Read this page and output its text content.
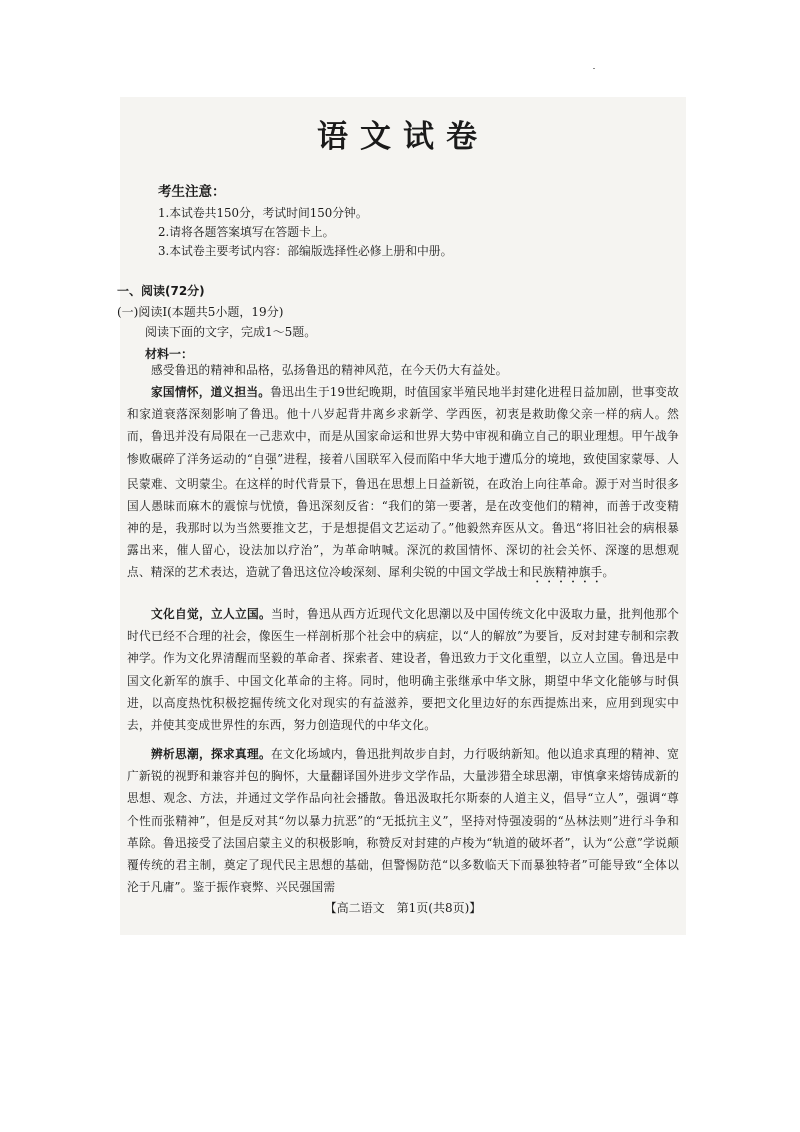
语文试卷
考生注意：
1.本试卷共150分，考试时间150分钟。
2.请将各题答案填写在答题卡上。
3.本试卷主要考试内容：部编版选择性必修上册和中册。
一、阅读(72分)
(一)阅读Ⅰ(本题共5小题，19分)
阅读下面的文字，完成1～5题。
材料一：

感受鲁迅的精神和品格，弘扬鲁迅的精神风范，在今天仍大有益处。

家国情怀，道义担当。鲁迅出生于19世纪晚期，时值国家半殖民地半封建化进程日益加剧，世事变故和家道衰落深刻影响了鲁迅。他十八岁起背井离乡求新学、学西医，初衷是救助像父亲一样的病人。然而，鲁迅并没有局限在一己悲欢中，而是从国家命运和世界大势中审视和确立自己的职业理想。甲午战争惨败碾碎了洋务运动的“自强”进程，接着八国联军入侵而陷中华大地于遭瓜分的境地，致使国家蒙辱、人民蒙难、文明蒙尘。在这样的时代背景下，鲁迅在思想上日益新锐，在政治上向往革命。源于对当时很多国人愚昧而麻木的震惊与忧愤，鲁迅深刻反省：“我们的第一要著，是在改变他们的精神，而善于改变精神的是，我那时以为当然要推文艺，于是想提倡文艺运动了。”他毅然弃医从文。鲁迅“将旧社会的病根暴露出来，催人留心，设法加以疗治”，为革命呐喊。深沉的救国情怀、深切的社会关怀、深邃的思想观点、精深的艺术表达，造就了鲁迅这位冷峻深刻、犀利尖锐的中国文学战士和民族精神旗手。

文化自觉，立人立国。当时，鲁迅从西方近现代文化思潮以及中国传统文化中汲取力量，批判他那个时代已经不合理的社会，像医生一样剖析那个社会中的病症，以“人的解放”为要旨，反对封建专制和宗教神学。作为文化界清醒而坚毅的革命者、探索者、建设者，鲁迅致力于文化重塑，以立人立国。鲁迅是中国文化新军的旗手、中国文化革命的主将。同时，他明确主张继承中华文脉，期望中华文化能够与时俱进，以高度热忱积极挖掘传统文化对现实的有益滋养，要把文化里边好的东西提炼出来，应用到现实中去，并使其变成世界性的东西，努力创造现代的中华文化。

辨析思潮，探求真理。在文化场域内，鲁迅批判故步自封，力行吸纳新知。他以追求真理的精神、宽广新锐的视野和兼容并包的胸怀，大量翻译国外进步文学作品，大量涉猎全球思潮，审慎拿来熔铸成新的思想、观念、方法，并通过文学作品向社会播散。鲁迅汲取托尔斯泰的人道主义，倡导“立人”，强调“尊个性而张精神”，但是反对其“勿以暴力抗恶”的“无抵抗主义”，坚持对恃强凌弱的“丛林法则”进行斗争和革除。鲁迅接受了法国启蒙主义的积极影响，称赞反对封建的卢梭为“轨道的破坏者”，认为“公意”学说颠覆传统的君主制，奠定了现代民主思想的基础，但警惕防范“以多数临天下而暴独特者”可能导致“全体以沦于凡庸”。鉴于振作衰弊、兴民强国需

【高二语文　第1页(共8页)】
